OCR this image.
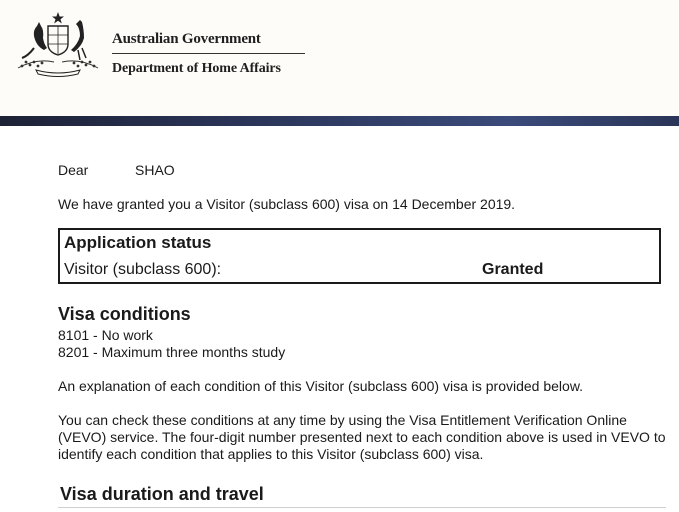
Australian Government
Department of Home Affairs
Dear	SHAO
We have granted you a Visitor (subclass 600) visa on 14 December 2019.
Application status
Visitor (subclass 600):	Granted
Visa conditions
8101 - No work
8201 - Maximum three months study
An explanation of each condition of this Visitor (subclass 600) visa is provided below.
You can check these conditions at any time by using the Visa Entitlement Verification Online (VEVO) service. The four-digit number presented next to each condition above is used in VEVO to identify each condition that applies to this Visitor (subclass 600) visa.
Visa duration and travel
